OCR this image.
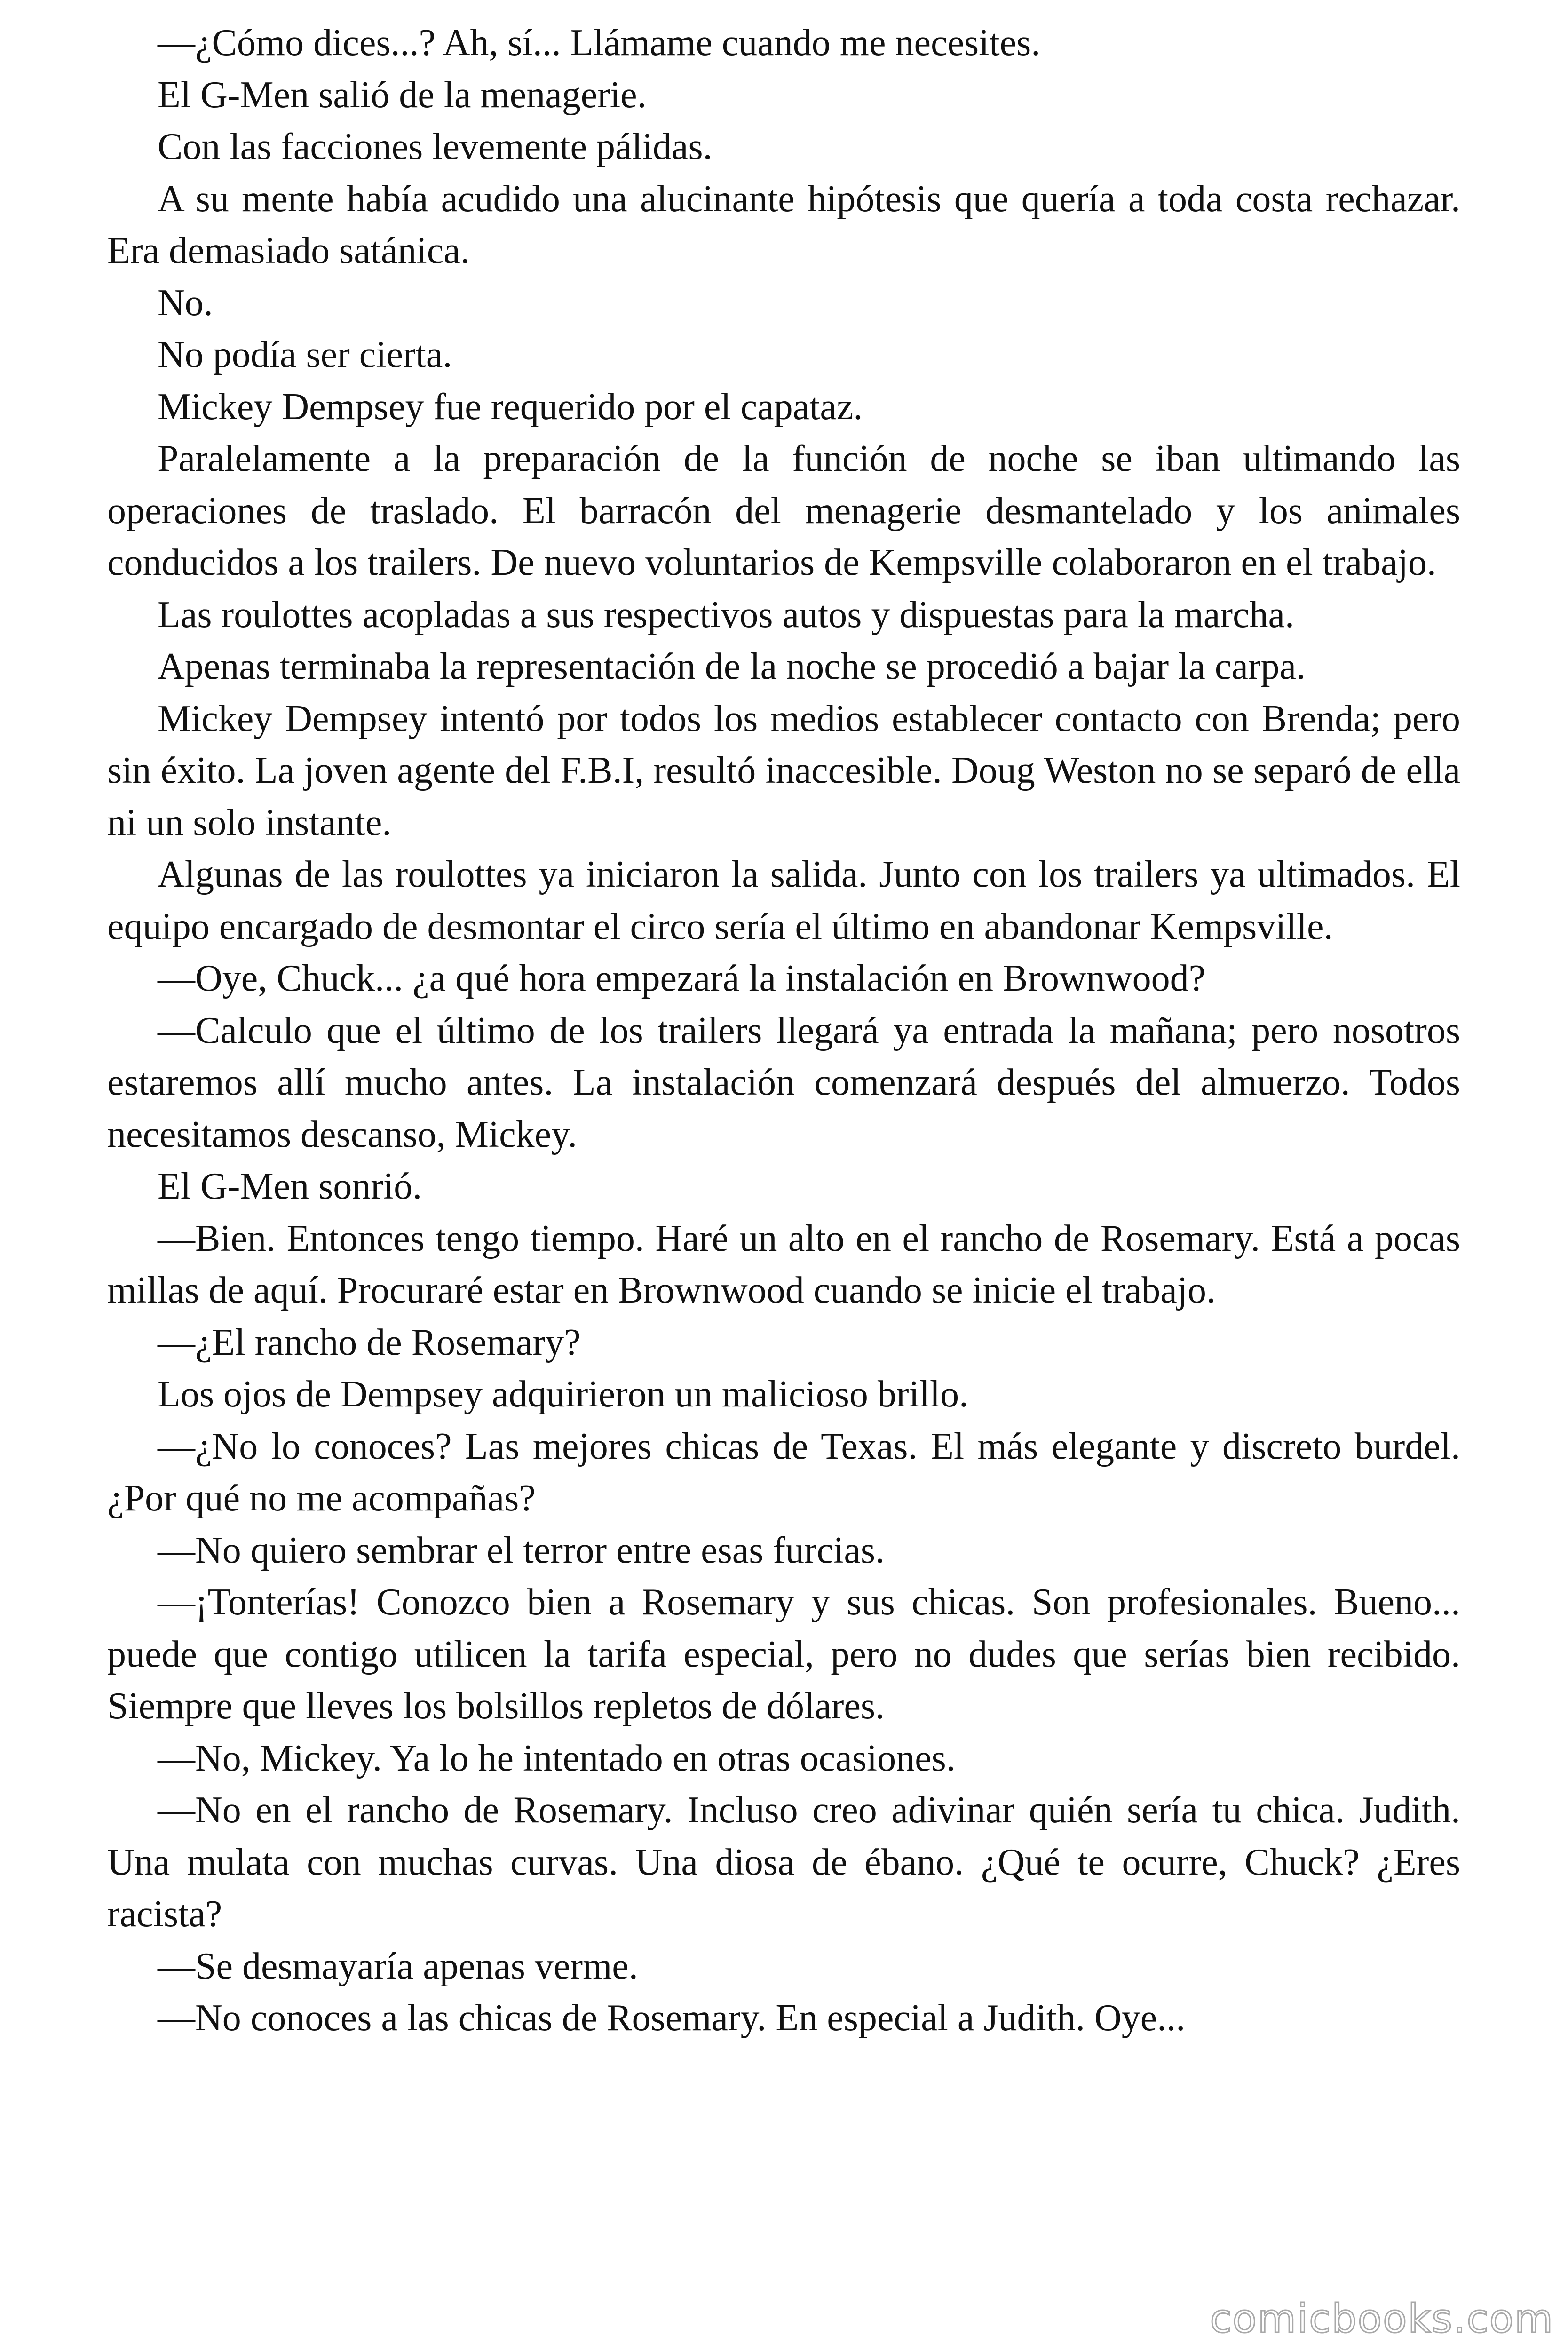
—¿Cómo dices...? Ah, sí... Llámame cuando me necesites.

El G-Men salió de la menagerie.

Con las facciones levemente pálidas.

A su mente había acudido una alucinante hipótesis que quería a toda costa rechazar. Era demasiado satánica.

No.

No podía ser cierta.

Mickey Dempsey fue requerido por el capataz.

Paralelamente a la preparación de la función de noche se iban ultimando las operaciones de traslado. El barracón del menagerie desmantelado y los animales conducidos a los trailers. De nuevo voluntarios de Kempsville colaboraron en el trabajo.

Las roulottes acopladas a sus respectivos autos y dispuestas para la marcha.

Apenas terminaba la representación de la noche se procedió a bajar la carpa.

Mickey Dempsey intentó por todos los medios establecer contacto con Brenda; pero sin éxito. La joven agente del F.B.I, resultó inaccesible. Doug Weston no se separó de ella ni un solo instante.

Algunas de las roulottes ya iniciaron la salida. Junto con los trailers ya ultimados. El equipo encargado de desmontar el circo sería el último en abandonar Kempsville.

—Oye, Chuck... ¿a qué hora empezará la instalación en Brownwood?

—Calculo que el último de los trailers llegará ya entrada la mañana; pero nosotros estaremos allí mucho antes. La instalación comenzará después del almuerzo. Todos necesitamos descanso, Mickey.

El G-Men sonrió.

—Bien. Entonces tengo tiempo. Haré un alto en el rancho de Rosemary. Está a pocas millas de aquí. Procuraré estar en Brownwood cuando se inicie el trabajo.

—¿El rancho de Rosemary?

Los ojos de Dempsey adquirieron un malicioso brillo.

—¿No lo conoces? Las mejores chicas de Texas. El más elegante y discreto burdel. ¿Por qué no me acompañas?

—No quiero sembrar el terror entre esas furcias.

—¡Tonterías! Conozco bien a Rosemary y sus chicas. Son profesionales. Bueno... puede que contigo utilicen la tarifa especial, pero no dudes que serías bien recibido. Siempre que lleves los bolsillos repletos de dólares.

—No, Mickey. Ya lo he intentado en otras ocasiones.

—No en el rancho de Rosemary. Incluso creo adivinar quién sería tu chica. Judith. Una mulata con muchas curvas. Una diosa de ébano. ¿Qué te ocurre, Chuck? ¿Eres racista?

—Se desmayaría apenas verme.

—No conoces a las chicas de Rosemary. En especial a Judith. Oye...

comicbooks.com
